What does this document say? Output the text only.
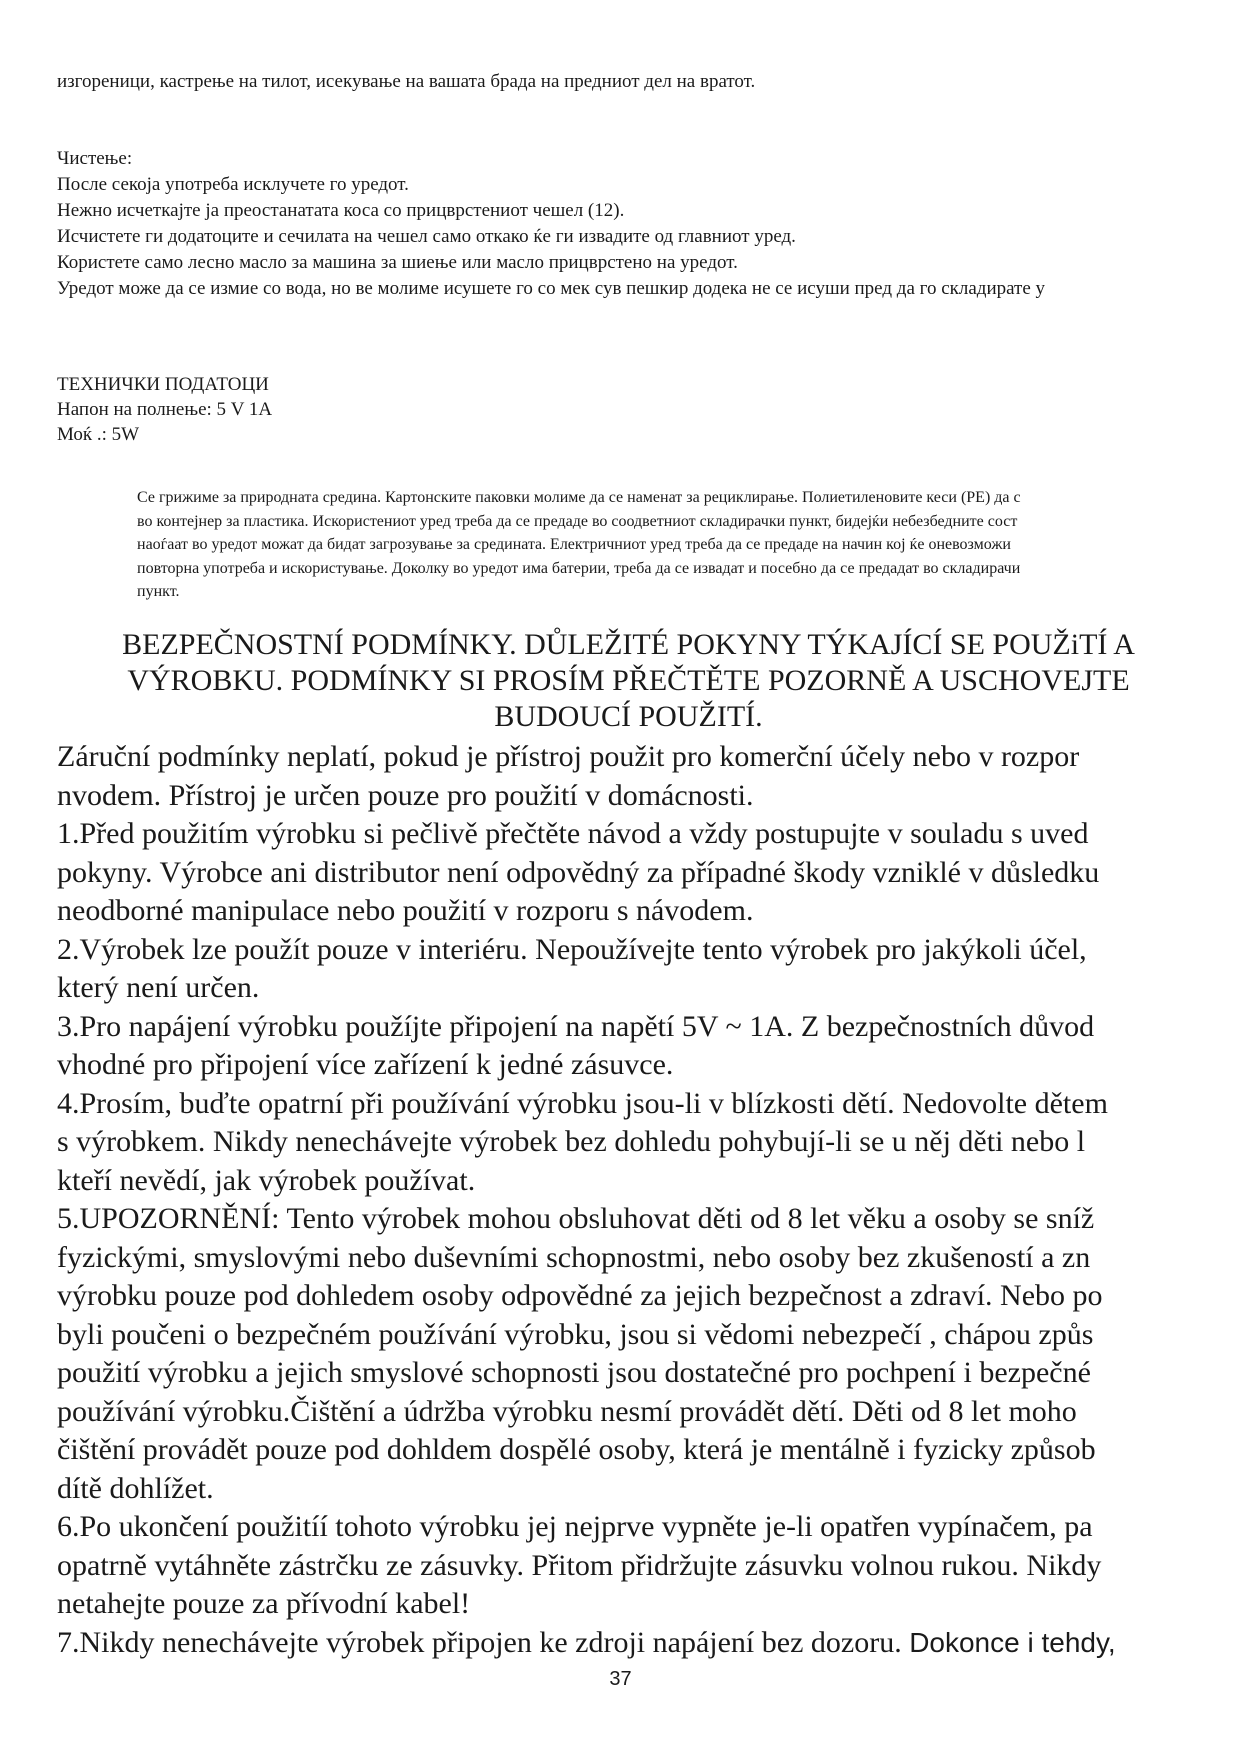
изгореници, кастрење на тилот, исекување на вашата брада на предниот дел на вратот.
Чистење:
После секоја употреба исклучете го уредот.
Нежно исчеткајте ја преостанатата коса со прицврстениот чешел (12).
Исчистете ги додатоците и сечилата на чешел само откако ќе ги извадите од главниот уред.
Користете само лесно масло за машина за шиење или масло прицврстено на уредот.
Уредот може да се измие со вода, но ве молиме исушете го со мек сув пешкир додека не се исуши пред да го складирате у
ТЕХНИЧКИ ПОДАТОЦИ
Напон на полнење: 5 V 1A
Моќ .: 5W
Се грижиме за природната средина. Картонските паковки молиме да се наменат за рециклирање. Полиетиленовите кеси (PE) да с
во контејнер за пластика. Искористениот уред треба да се предаде во соодветниот складирачки пункт, бидејќи небезбедните сост
наоѓаат во уредот можат да бидат загрозување за срединатa. Електричниот уред треба да се предаде на начин кој ќе оневозможи
повторна употреба и искористување. Доколку во уредот има батерии, треба да се извадат и посебно да се предадат во складирачи
пункт.
BEZPEČNOSTNÍ PODMÍNKY. DŮLEŽITÉ POKYNY TÝKAJÍCÍ SE POUŽiTÍ A
VÝROBKU. PODMÍNKY SI PROSÍM PŘEČTĚTE POZORNĚ A USCHOVEJTE
BUDOUCÍ POUŽITÍ.
Záruční podmínky neplatí, pokud je přístroj použit pro komerční účely nebo v rozpor
nvodem. Přístroj je určen pouze pro použití v domácnosti.
1.Před použitím výrobku si pečlivě přečtěte návod a vždy postupujte v souladu s uved
pokyny. Výrobce ani distributor není odpovědný za případné škody vzniklé v důsledku
neodborné manipulace nebo použití v rozporu s návodem.
2.Výrobek lze použít pouze v interiéru. Nepoužívejte tento výrobek pro jakýkoli účel,
který není určen.
3.Pro napájení výrobku použíjte připojení na napětí 5V ~ 1A. Z bezpečnostních důvod
vhodné pro připojení více zařízení k jedné zásuvce.
4.Prosím, buďte opatrní při používání výrobku jsou-li v blízkosti dětí. Nedovolte dětem
s výrobkem. Nikdy nenechávejte výrobek bez dohledu pohybují-li se u něj děti nebo l
kteří nevědí, jak výrobek používat.
5.UPOZORNĚNÍ: Tento výrobek mohou obsluhovat děti od 8 let věku a osoby se sníž
fyzickými, smyslovými nebo duševními schopnostmi, nebo osoby bez zkušeností a zn
výrobku pouze pod dohledem osoby odpovědné za jejich bezpečnost a zdraví. Nebo po
byli poučeni o bezpečném používání výrobku, jsou si vědomi nebezpečí , chápou způs
použití výrobku a jejich smyslové schopnosti jsou dostatečné pro pochpení i bezpečné
používání výrobku.Čištění a údržba výrobku nesmí provádět dětí. Děti od 8 let moho
čištění provádět pouze pod dohldem dospělé osoby, která je mentálně i fyzicky způsob
dítě dohlížet.
6.Po ukončení použitíí tohoto výrobku jej nejprve vypněte je-li opatřen vypínačem, pa
opatrně vytáhněte zástrčku ze zásuvky. Přitom přidržujte zásuvku volnou rukou. Nikdy
netahejte pouze za přívodní kabel!
7.Nikdy nenechávejte výrobek připojen ke zdroji napájení bez dozoru. Dokonce i tehdy,
37
